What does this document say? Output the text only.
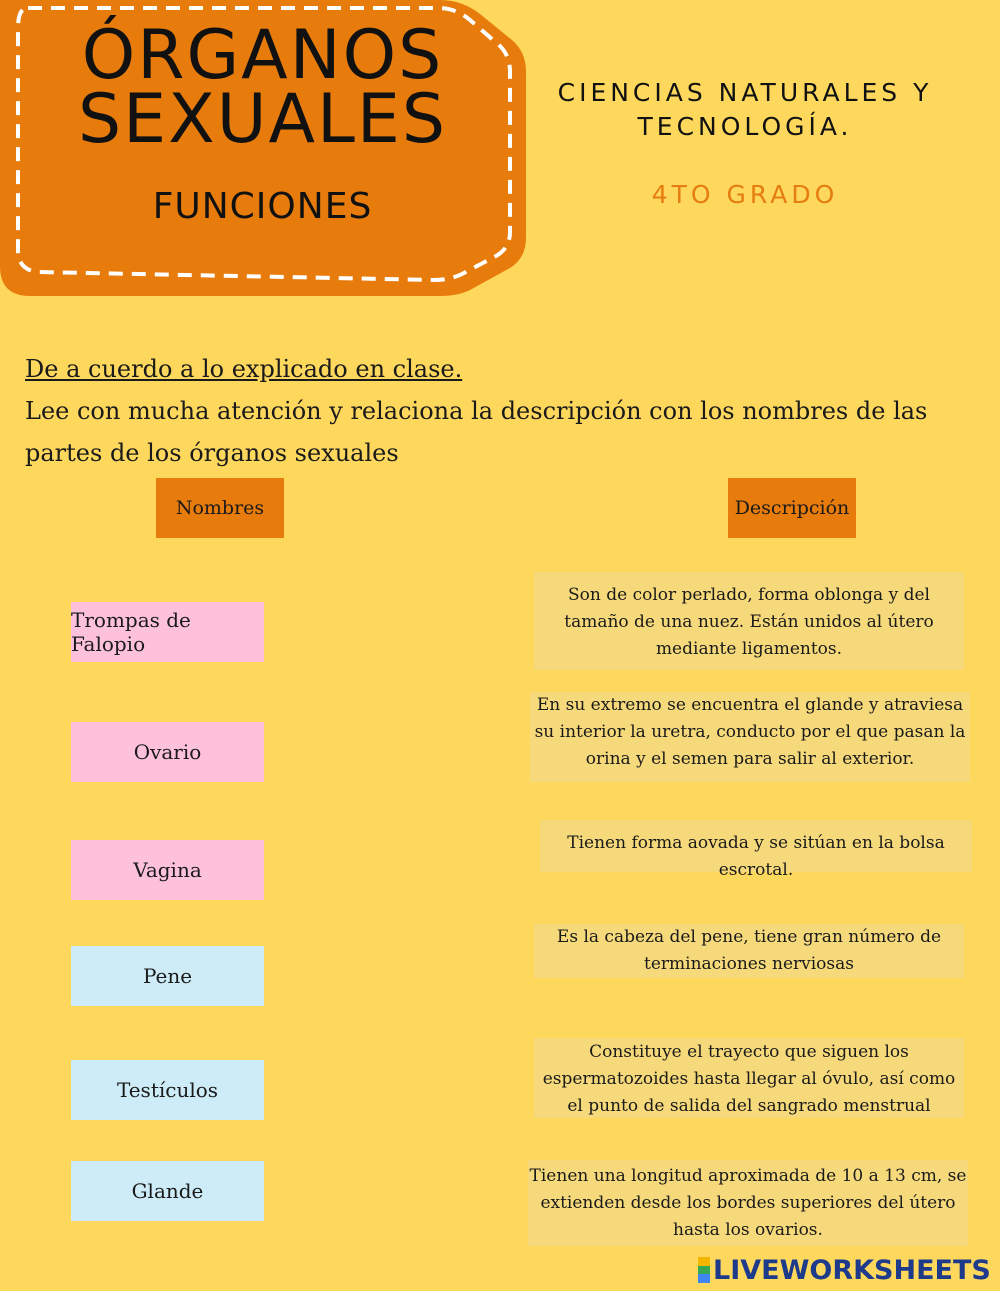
ÓRGANOS
SEXUALES
FUNCIONES
CIENCIAS NATURALES Y
TECNOLOGÍA.
4TO GRADO
De a cuerdo a lo explicado en clase.
Lee con mucha atención y relaciona la descripción con los nombres de las partes de los órganos sexuales
Nombres	Descripción
Trompas de Falopio
Ovario
Vagina
Pene
Testículos
Glande
Son de color perlado, forma oblonga y del tamaño de una nuez. Están unidos al útero mediante ligamentos.
En su extremo se encuentra el glande y atraviesa su interior la uretra, conducto por el que pasan la orina y el semen para salir al exterior.
Tienen forma aovada y se sitúan en la bolsa escrotal.
Es la cabeza del pene, tiene gran número de terminaciones nerviosas
Constituye el trayecto que siguen los espermatozoides hasta llegar al óvulo, así como el punto de salida del sangrado menstrual
Tienen una longitud aproximada de 10 a 13 cm, se extienden desde los bordes superiores del útero hasta los ovarios.
LIVEWORKSHEETS
